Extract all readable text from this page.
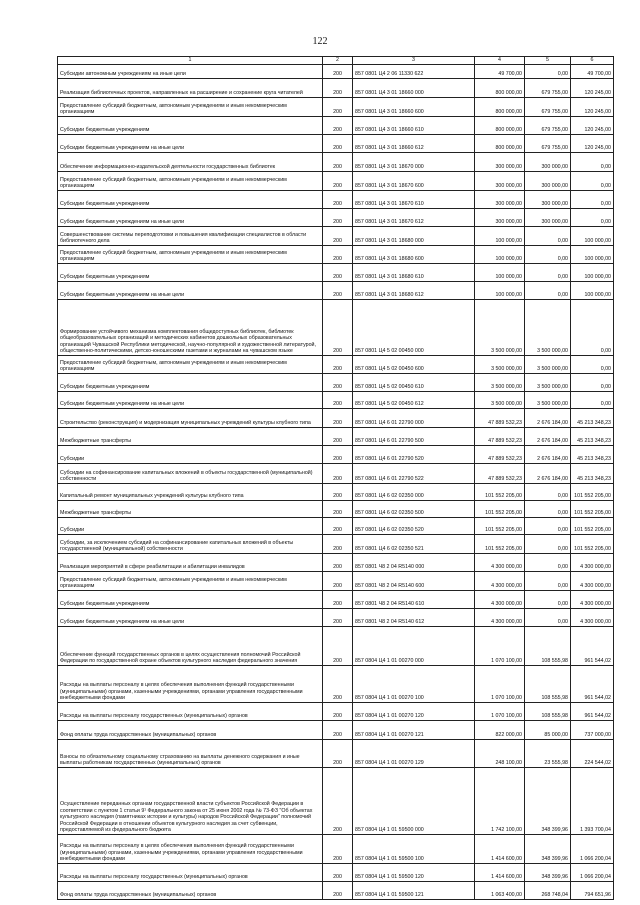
122
1	2	3	4	5	6
Субсидии автономным учреждениям на иные цели	200	857 0801 Ц4 2 06 11330 622	49 700,00	0,00	49 700,00
Реализация библиотечных проектов, направленных на расширение и сохранение круга читателей	200	857 0801 Ц4 3 01 18660 000	800 000,00	679 755,00	120 245,00
Предоставление субсидий бюджетным, автономным учреждениям и иным некоммерческим организациям	200	857 0801 Ц4 3 01 18660 600	800 000,00	679 755,00	120 245,00
Субсидии бюджетным учреждениям	200	857 0801 Ц4 3 01 18660 610	800 000,00	679 755,00	120 245,00
Субсидии бюджетным учреждениям на иные цели	200	857 0801 Ц4 3 01 18660 612	800 000,00	679 755,00	120 245,00
Обеспечение информационно-издательской деятельности государственных библиотек	200	857 0801 Ц4 3 01 18670 000	300 000,00	300 000,00	0,00
Предоставление субсидий бюджетным, автономным учреждениям и иным некоммерческим организациям	200	857 0801 Ц4 3 01 18670 600	300 000,00	300 000,00	0,00
Субсидии бюджетным учреждениям	200	857 0801 Ц4 3 01 18670 610	300 000,00	300 000,00	0,00
Субсидии бюджетным учреждениям на иные цели	200	857 0801 Ц4 3 01 18670 612	300 000,00	300 000,00	0,00
Совершенствование системы переподготовки и повышения квалификации специалистов в области библиотечного дела	200	857 0801 Ц4 3 01 18680 000	100 000,00	0,00	100 000,00
Предоставление субсидий бюджетным, автономным учреждениям и иным некоммерческим организациям	200	857 0801 Ц4 3 01 18680 600	100 000,00	0,00	100 000,00
Субсидии бюджетным учреждениям	200	857 0801 Ц4 3 01 18680 610	100 000,00	0,00	100 000,00
Субсидии бюджетным учреждениям на иные цели	200	857 0801 Ц4 3 01 18680 612	100 000,00	0,00	100 000,00
Формирование устойчивого механизма комплектования общедоступных библиотек, библиотек общеобразовательных организаций и методических кабинетов дошкольных образовательных организаций Чувашской Республики методической, научно-популярной и художественной литературой, общественно-политическими, детско-юношескими газетами и журналами на чувашском языке	200	857 0801 Ц4 5 02 00450 000	3 500 000,00	3 500 000,00	0,00
Предоставление субсидий бюджетным, автономным учреждениям и иным некоммерческим организациям	200	857 0801 Ц4 5 02 00450 600	3 500 000,00	3 500 000,00	0,00
Субсидии бюджетным учреждениям	200	857 0801 Ц4 5 02 00450 610	3 500 000,00	3 500 000,00	0,00
Субсидии бюджетным учреждениям на иные цели	200	857 0801 Ц4 5 02 00450 612	3 500 000,00	3 500 000,00	0,00
Строительство (реконструкция) и модернизация муниципальных учреждений культуры клубного типа	200	857 0801 Ц4 6 01 22790 000	47 889 532,23	2 676 184,00	45 213 348,23
Межбюджетные трансферты	200	857 0801 Ц4 6 01 22790 500	47 889 532,23	2 676 184,00	45 213 348,23
Субсидии	200	857 0801 Ц4 6 01 22790 520	47 889 532,23	2 676 184,00	45 213 348,23
Субсидии на софинансирование капитальных вложений в объекты государственной (муниципальной) собственности	200	857 0801 Ц4 6 01 22790 522	47 889 532,23	2 676 184,00	45 213 348,23
Капитальный ремонт муниципальных учреждений культуры клубного типа	200	857 0801 Ц4 6 02 02350 000	101 552 205,00	0,00	101 552 205,00
Межбюджетные трансферты	200	857 0801 Ц4 6 02 02350 500	101 552 205,00	0,00	101 552 205,00
Субсидии	200	857 0801 Ц4 6 02 02350 520	101 552 205,00	0,00	101 552 205,00
Субсидии, за исключением субсидий на софинансирование капитальных вложений в объекты государственной (муниципальной) собственности	200	857 0801 Ц4 6 02 02350 521	101 552 205,00	0,00	101 552 205,00
Реализация мероприятий в сфере реабилитации и абилитации инвалидов	200	857 0801 Ч8 2 04 R5140 000	4 300 000,00	0,00	4 300 000,00
Предоставление субсидий бюджетным, автономным учреждениям и иным некоммерческим организациям	200	857 0801 Ч8 2 04 R5140 600	4 300 000,00	0,00	4 300 000,00
Субсидии бюджетным учреждениям	200	857 0801 Ч8 2 04 R5140 610	4 300 000,00	0,00	4 300 000,00
Субсидии бюджетным учреждениям на иные цели	200	857 0801 Ч8 2 04 R5140 612	4 300 000,00	0,00	4 300 000,00
Обеспечение функций государственных органов в целях осуществления полномочий Российской Федерации по государственной охране объектов культурного наследия федерального значения	200	857 0804 Ц4 1 01 00270 000	1 070 100,00	108 555,98	961 544,02
Расходы на выплаты персоналу в целях обеспечения выполнения функций государственными (муниципальными) органами, казенными учреждениями, органами управления государственными внебюджетными фондами	200	857 0804 Ц4 1 01 00270 100	1 070 100,00	108 555,98	961 544,02
Расходы на выплаты персоналу государственных (муниципальных) органов	200	857 0804 Ц4 1 01 00270 120	1 070 100,00	108 555,98	961 544,02
Фонд оплаты труда государственных (муниципальных) органов	200	857 0804 Ц4 1 01 00270 121	822 000,00	85 000,00	737 000,00
Взносы по обязательному социальному страхованию на выплаты денежного содержания и иные выплаты работникам государственных (муниципальных) органов	200	857 0804 Ц4 1 01 00270 129	248 100,00	23 555,98	224 544,02
Осуществление переданных органам государственной власти субъектов Российской Федерации в соответствии с пунктом 1 статьи 9¹ Федерального закона от 25 июня 2002 года № 73-ФЗ "Об объектах культурного наследия (памятниках истории и культуры) народов Российской Федерации" полномочий Российской Федерации в отношении объектов культурного наследия за счет субвенции, предоставляемой из федерального бюджета	200	857 0804 Ц4 1 01 59500 000	1 742 100,00	348 399,96	1 393 700,04
Расходы на выплаты персоналу в целях обеспечения выполнения функций государственными (муниципальными) органами, казенными учреждениями, органами управления государственными внебюджетными фондами	200	857 0804 Ц4 1 01 59500 100	1 414 600,00	348 399,96	1 066 200,04
Расходы на выплаты персоналу государственных (муниципальных) органов	200	857 0804 Ц4 1 01 59500 120	1 414 600,00	348 399,96	1 066 200,04
Фонд оплаты труда государственных (муниципальных) органов	200	857 0804 Ц4 1 01 59500 121	1 063 400,00	268 748,04	794 651,96
